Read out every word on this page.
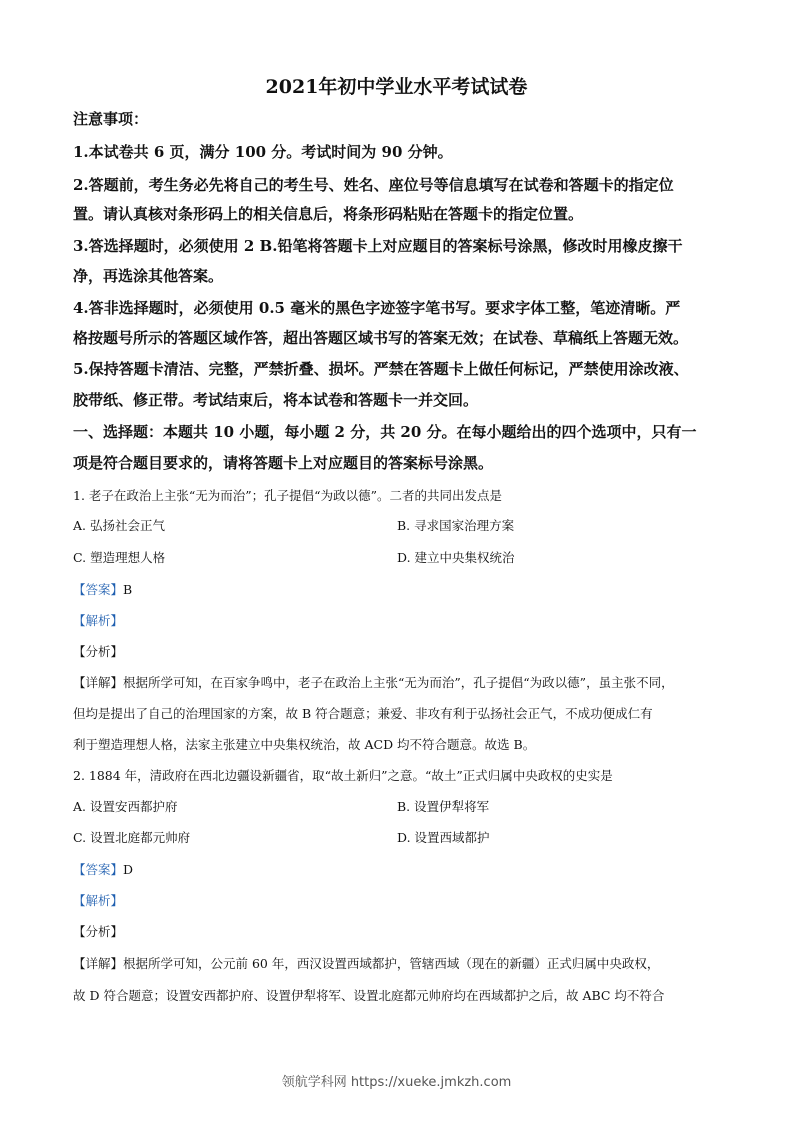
2021年初中学业水平考试试卷
注意事项：
1.本试卷共 6 页，满分 100 分。考试时间为 90 分钟。
2.答题前，考生务必先将自己的考生号、姓名、座位号等信息填写在试卷和答题卡的指定位
置。请认真核对条形码上的相关信息后，将条形码粘贴在答题卡的指定位置。
3.答选择题时，必须使用 2 B.铅笔将答题卡上对应题目的答案标号涂黑，修改时用橡皮擦干
净，再选涂其他答案。
4.答非选择题时，必须使用 0.5 毫米的黑色字迹签字笔书写。要求字体工整，笔迹清晰。严
格按题号所示的答题区域作答，超出答题区域书写的答案无效；在试卷、草稿纸上答题无效。
5.保持答题卡清洁、完整，严禁折叠、损坏。严禁在答题卡上做任何标记，严禁使用涂改液、
胶带纸、修正带。考试结束后，将本试卷和答题卡一并交回。
一、选择题：本题共 10 小题，每小题 2 分，共 20 分。在每小题给出的四个选项中，只有一
项是符合题目要求的，请将答题卡上对应题目的答案标号涂黑。
1. 老子在政治上主张“无为而治”；孔子提倡“为政以德”。二者的共同出发点是
A. 弘扬社会正气	B. 寻求国家治理方案
C. 塑造理想人格	D. 建立中央集权统治
【答案】B
【解析】
【分析】
【详解】根据所学可知，在百家争鸣中，老子在政治上主张“无为而治”，孔子提倡“为政以德”，虽主张不同，
但均是提出了自己的治理国家的方案，故 B 符合题意；兼爱、非攻有利于弘扬社会正气，不成功便成仁有
利于塑造理想人格，法家主张建立中央集权统治，故 ACD 均不符合题意。故选 B。
2. 1884 年，清政府在西北边疆设新疆省，取“故土新归”之意。“故土”正式归属中央政权的史实是
A. 设置安西都护府	B. 设置伊犁将军
C. 设置北庭都元帅府	D. 设置西域都护
【答案】D
【解析】
【分析】
【详解】根据所学可知，公元前 60 年，西汉设置西域都护，管辖西域（现在的新疆）正式归属中央政权，
故 D 符合题意；设置安西都护府、设置伊犁将军、设置北庭都元帅府均在西域都护之后，故 ABC 均不符合
领航学科网 https://xueke.jmkzh.com
